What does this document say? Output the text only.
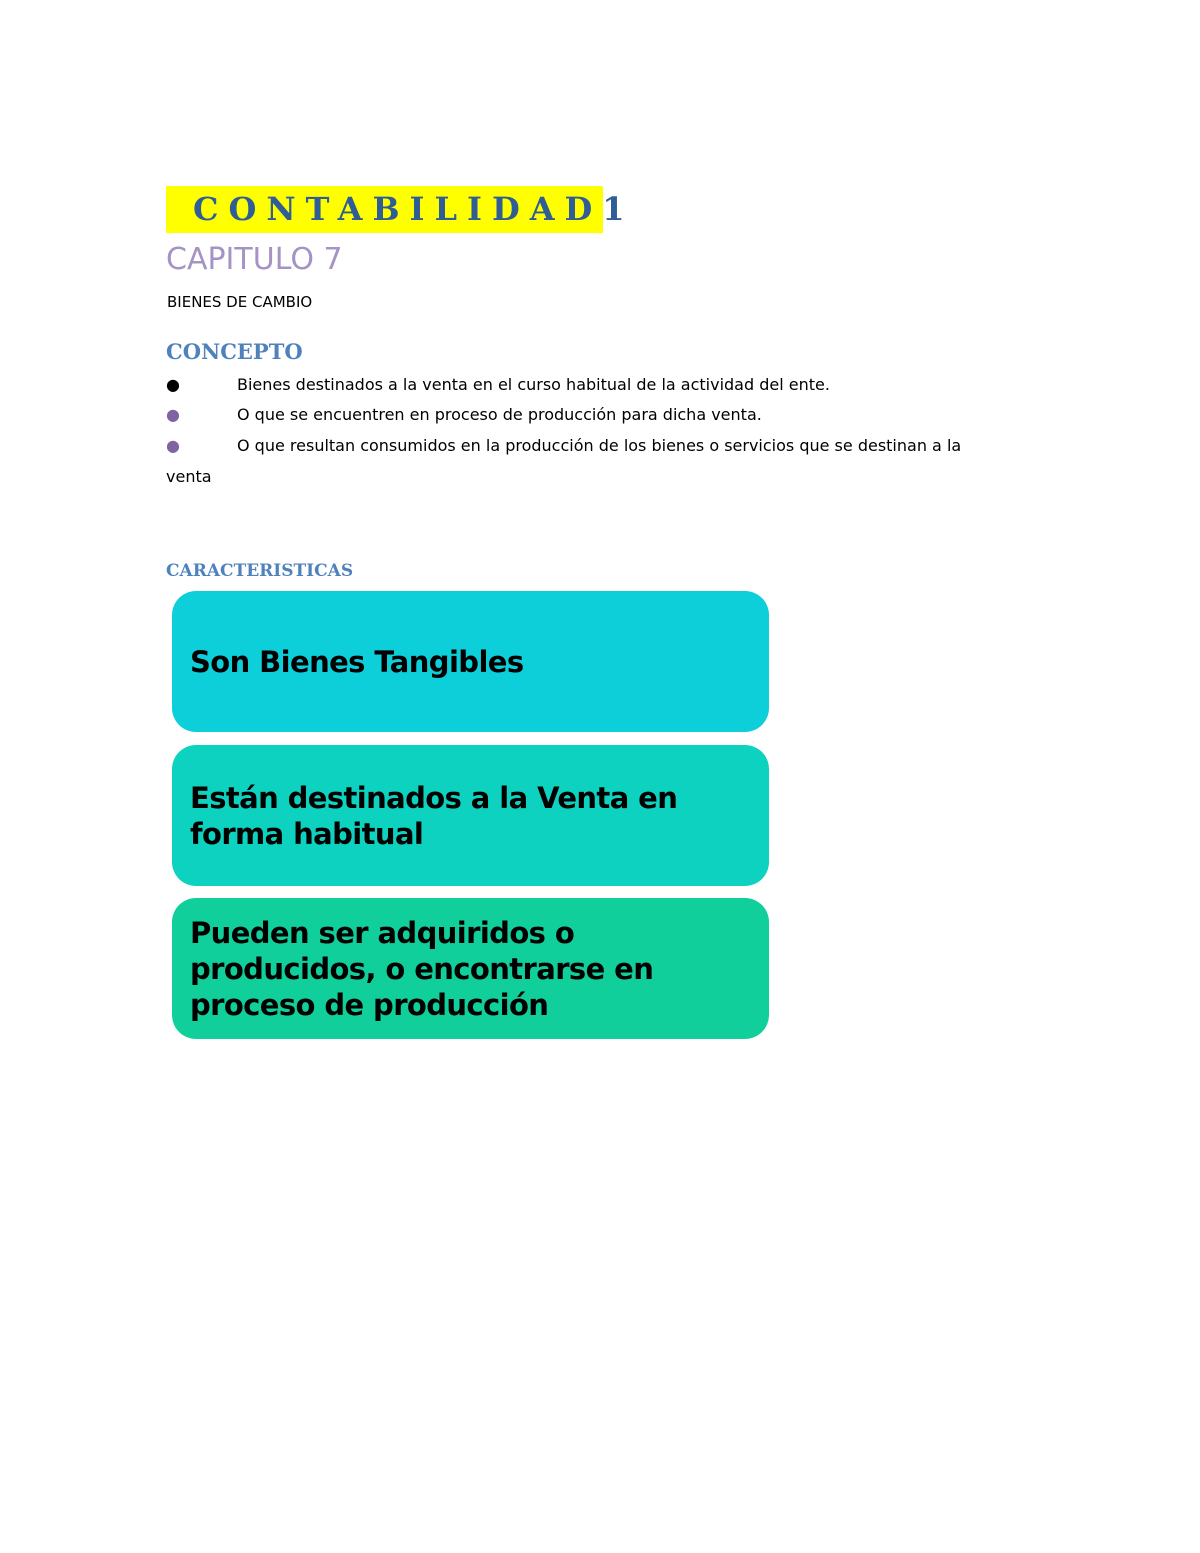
CONTABILIDAD1
CAPITULO 7
BIENES DE CAMBIO
CONCEPTO
●	Bienes destinados a la venta en el curso habitual de la actividad del ente.
●	O que se encuentren en proceso de producción para dicha venta.
●	O que resultan consumidos en la producción de los bienes o servicios que se destinan a la
venta
CARACTERISTICAS
Son Bienes Tangibles
Están destinados a la Venta en forma habitual
Pueden ser adquiridos o producidos, o encontrarse en proceso de producción
